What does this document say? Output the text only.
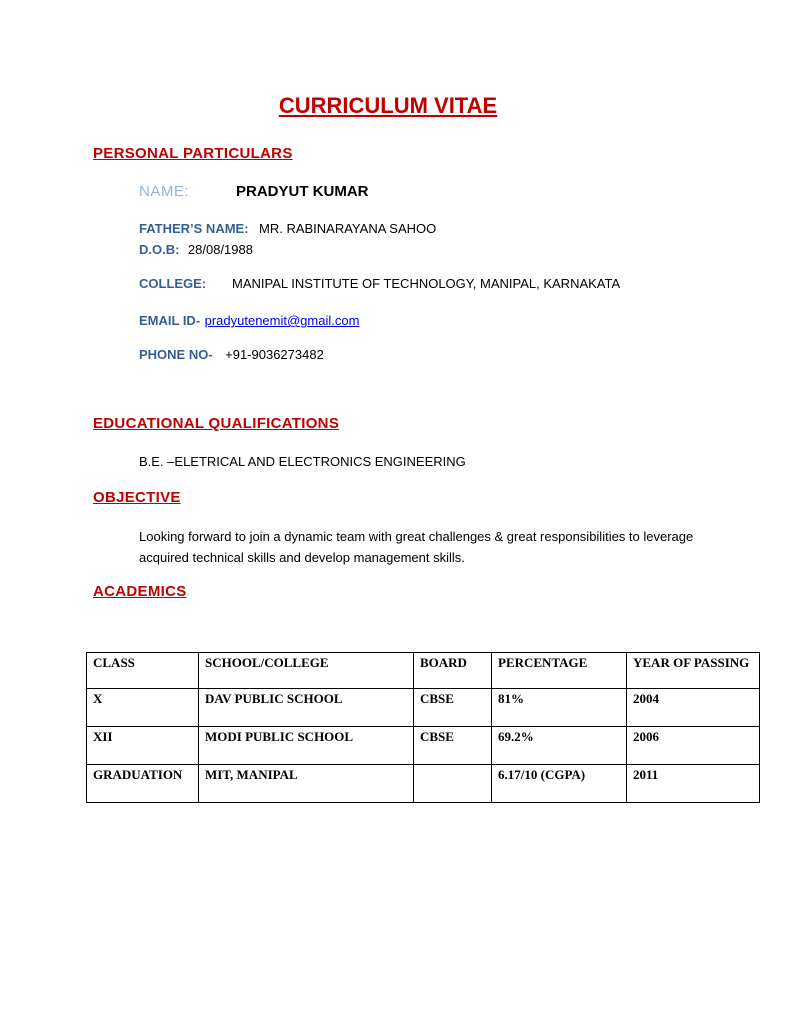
CURRICULUM VITAE
PERSONAL PARTICULARS
NAME:	PRADYUT KUMAR
FATHER’S NAME: MR. RABINARAYANA SAHOO
D.O.B: 28/08/1988
COLLEGE: MANIPAL INSTITUTE OF TECHNOLOGY, MANIPAL, KARNAKATA
EMAIL ID- pradyutenemit@gmail.com
PHONE NO- +91-9036273482
EDUCATIONAL QUALIFICATIONS
B.E. –ELETRICAL AND ELECTRONICS ENGINEERING
OBJECTIVE
Looking forward to join a dynamic team with great challenges & great responsibilities to leverage acquired technical skills and develop management skills.
ACADEMICS
CLASS	SCHOOL/COLLEGE	BOARD	PERCENTAGE	YEAR OF PASSING
X	DAV PUBLIC SCHOOL	CBSE	81%	2004
XII	MODI PUBLIC SCHOOL	CBSE	69.2%	2006
GRADUATION	MIT, MANIPAL		6.17/10 (CGPA)	2011
